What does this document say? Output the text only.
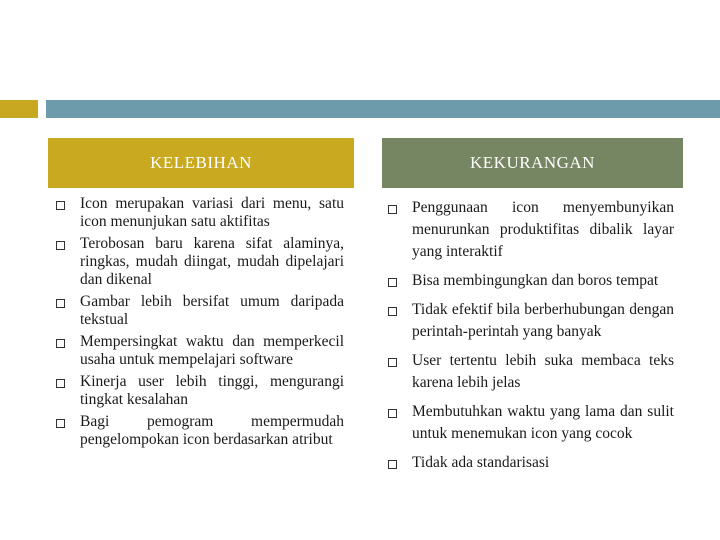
KELEBIHAN	KEKURANGAN
Icon merupakan variasi dari menu, satu icon menunjukan satu aktifitas
Terobosan baru karena sifat alaminya, ringkas, mudah diingat, mudah dipelajari dan dikenal
Gambar lebih bersifat umum daripada tekstual
Mempersingkat waktu dan memperkecil usaha untuk mempelajari software
Kinerja user lebih tinggi, mengurangi tingkat kesalahan
Bagi pemogram mempermudah pengelompokan icon berdasarkan atribut
Penggunaan icon menyembunyikan menurunkan produktifitas dibalik layar yang interaktif
Bisa membingungkan dan boros tempat
Tidak efektif bila berberhubungan dengan perintah-perintah yang banyak
User tertentu lebih suka membaca teks karena lebih jelas
Membutuhkan waktu yang lama dan sulit untuk menemukan icon yang cocok
Tidak ada standarisasi
